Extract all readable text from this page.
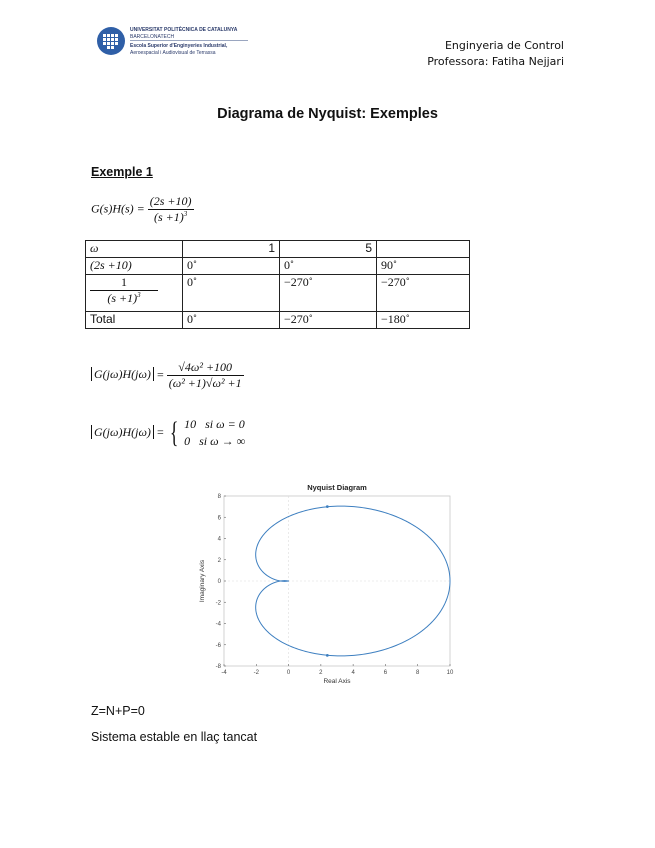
UNIVERSITAT POLITÈCNICA DE CATALUNYA
BARCELONATECH
Escola Superior d'Enginyeries Industrial,
Aeroespacial i Audiovisual de Terrassa
Enginyeria de Control
Professora: Fatiha Nejjari
Diagrama de Nyquist: Exemples
Exemple 1
$G(s)H(s) = \frac{(2s +10)}{(s +1)^3}$
ω	1	5	
(2s +10)	0˚	0˚	90˚

$\frac{1}{(s +1)^3}$	0˚	−270˚	−270˚
Total	0˚	−270˚	−180˚
$G(j\omega)H(j\omega) = \frac{\text{√4ω² +100}}{\text{(ω² +1)√ω² +1}}$
G(jω)H(jω) = { 10   si ω = 0
0   si ω → ∞
-4	-2	0	2	4	6	8	10
-8
-6
-4
-2
0
2
4
6
8
Nyquist Diagram
Real Axis
Imaginary Axis
Z=N+P=0
Sistema estable en llaç tancat
